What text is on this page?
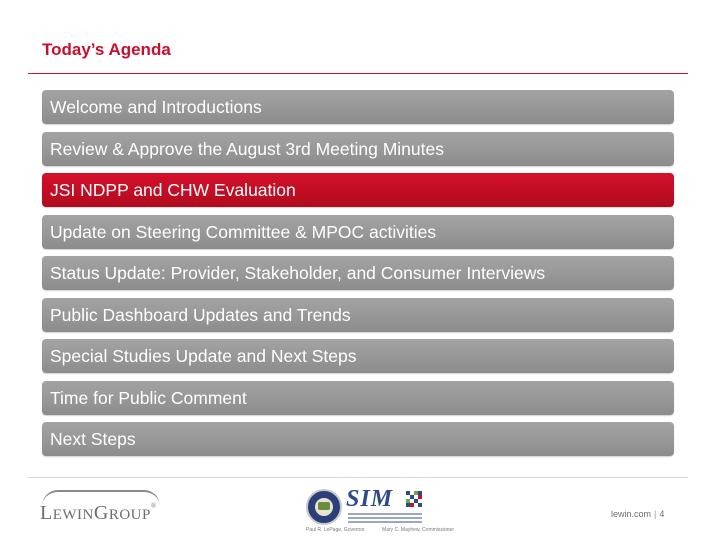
Today’s Agenda
Welcome and Introductions
Review & Approve the August 3rd Meeting Minutes
JSI NDPP and CHW Evaluation
Update on Steering Committee & MPOC activities
Status Update: Provider, Stakeholder, and Consumer Interviews
Public Dashboard Updates and Trends
Special Studies Update and Next Steps
Time for Public Comment
Next Steps
LEWINGROUP®	SIM
Paul R. LePage, Governor	Mary C. Mayhew, Commissioner
lewin.com | 4
